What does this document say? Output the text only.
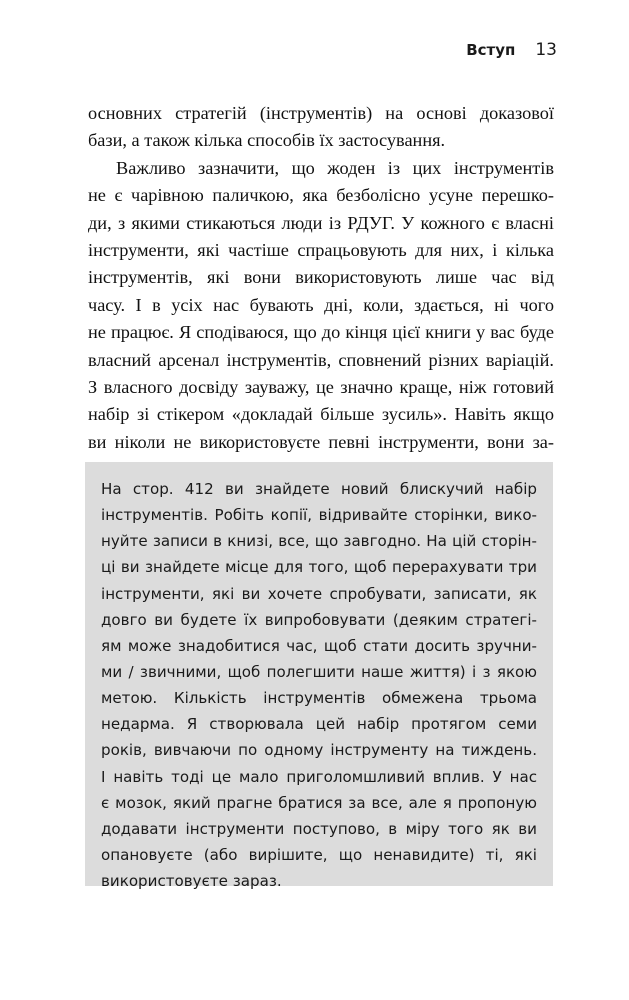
Вступ 13
основних стратегій (інструментів) на основі доказової
бази, а також кілька способів їх застосування.
Важливо зазначити, що жоден із цих інструментів
не є чарівною паличкою, яка безболісно усуне перешко-
ди, з якими стикаються люди із РДУГ. У кожного є власні
інструменти, які частіше спрацьовують для них, і кілька
інструментів, які вони використовують лише час від
часу. І в усіх нас бувають дні, коли, здається, ні чого
не працює. Я сподіваюся, що до кінця цієї книги у вас буде
власний арсенал інструментів, сповнений різних варіацій.
З власного досвіду зауважу, це значно краще, ніж готовий
набір зі стікером «докладай більше зусиль». Навіть якщо
ви ніколи не використовуєте певні інструменти, вони за-
На стор. 412 ви знайдете новий блискучий набір
інструментів. Робіть копії, відривайте сторінки, вико-
нуйте записи в книзі, все, що завгодно. На цій сторін-
ці ви знайдете місце для того, щоб перерахувати три
інструменти, які ви хочете спробувати, записати, як
довго ви будете їх випробовувати (деяким стратегі-
ям може знадобитися час, щоб стати досить зручни-
ми / звичними, щоб полегшити наше життя) і з якою
метою. Кількість інструментів обмежена трьома
недарма. Я створювала цей набір протягом семи
років, вивчаючи по одному інструменту на тиждень.
І навіть тоді це мало приголомшливий вплив. У нас
є мозок, який прагне братися за все, але я пропоную
додавати інструменти поступово, в міру того як ви
опановуєте (або вирішите, що ненавидите) ті, які
використовуєте зараз.
